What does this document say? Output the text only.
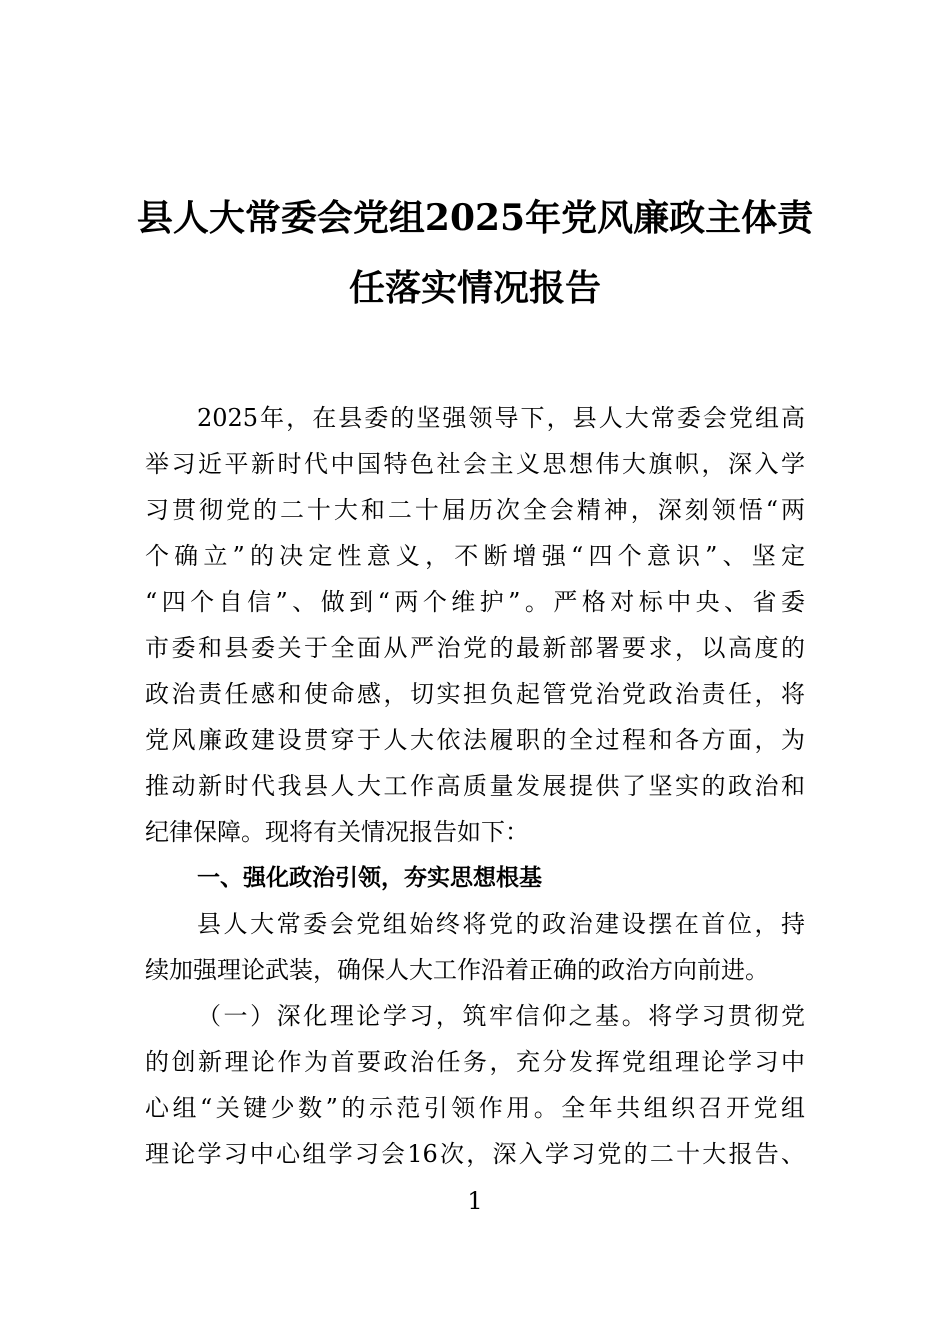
县人大常委会党组2025年党风廉政主体责
任落实情况报告
2025年，在县委的坚强领导下，县人大常委会党组高
举习近平新时代中国特色社会主义思想伟大旗帜，深入学
习贯彻党的二十大和二十届历次全会精神，深刻领悟“两
个确立”的决定性意义，不断增强“四个意识”、坚定
“四个自信”、做到“两个维护”。严格对标中央、省委
市委和县委关于全面从严治党的最新部署要求，以高度的
政治责任感和使命感，切实担负起管党治党政治责任，将
党风廉政建设贯穿于人大依法履职的全过程和各方面，为
推动新时代我县人大工作高质量发展提供了坚实的政治和
纪律保障。现将有关情况报告如下：
一、强化政治引领，夯实思想根基
县人大常委会党组始终将党的政治建设摆在首位，持
续加强理论武装，确保人大工作沿着正确的政治方向前进。
（一）深化理论学习，筑牢信仰之基。将学习贯彻党
的创新理论作为首要政治任务，充分发挥党组理论学习中
心组“关键少数”的示范引领作用。全年共组织召开党组
理论学习中心组学习会16次，深入学习党的二十大报告、
1
